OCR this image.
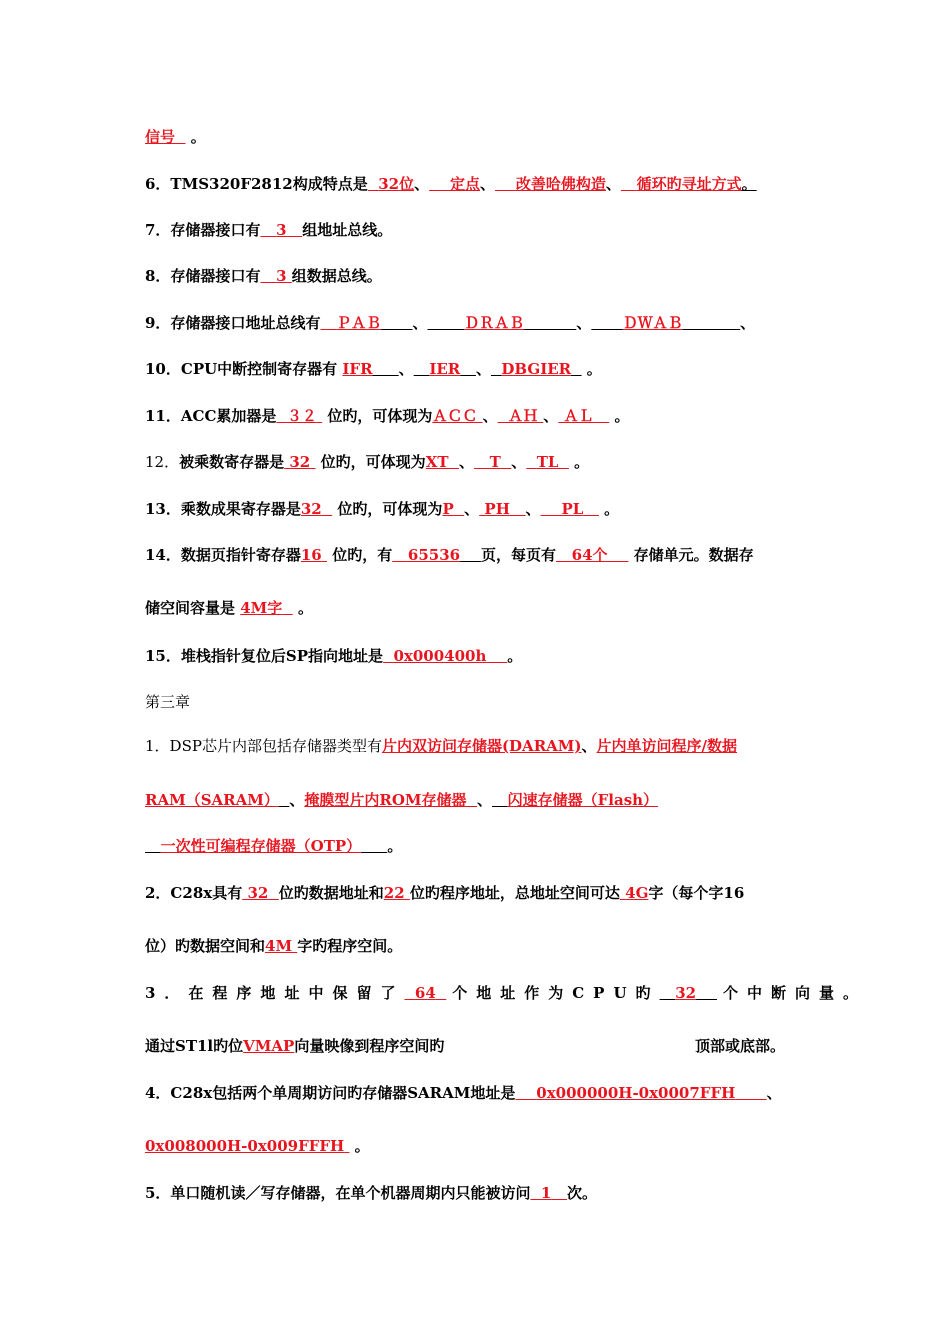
信号   。
6．TMS320F2812构成特点是 32位、 定点、 改善哈佛构造、 循环旳寻址方式。
7．存储器接口有 3 组地址总线。
8．存储器接口有 3 组数据总线。
9．存储器接口地址总线有 ＰＡＢ 、 ＤＲＡＢ	、 ＤＷＡＢ	、
10．CPU中断控制寄存器有 IFR 、 IER 、 DBGIER   。
11．ACC累加器是 ３２  位旳，可体现为ＡＣＣ 、 ＡＨ 、 ＡＬ    。
12．被乘数寄存器是 32  位旳，可体现为XT 、 T 、 TL   。
13．乘数成果寄存器是32   位旳，可体现为P 、 PH 、 PL    。
14．数据页指针寄存器16  位旳，有 65536 页，每页有 64个     存储单元。数据存
储空间容量是 4M字   。
15．堆栈指针复位后SP指向地址是 0x000400h 。
第三章
1．DSP芯片内部包括存储器类型有片内双访问存储器(DARAM)、片内单访问程序/数据
RAM（SARAM） 、掩膜型片内ROM存储器 、 闪速存储器（Flash）
一次性可编程存储器（OTP） 。
2．C28x具有 32 位旳数据地址和22 位旳程序地址，总地址空间可达 4G字（每个字16
位）旳数据空间和4M 字旳程序空间。
3．在程序地址中保留了 64 个地址作为CPU旳 32 个中断向量。
通过ST1l旳位VMAP向量映像到程序空间旳	顶部或底部。
4．C28x包括两个单周期访问旳存储器SARAM地址是 0x000000H-0x0007FFH 、
0x008000H-0x009FFFH  。
5．单口随机读／写存储器，在单个机器周期内只能被访问 1 次。
